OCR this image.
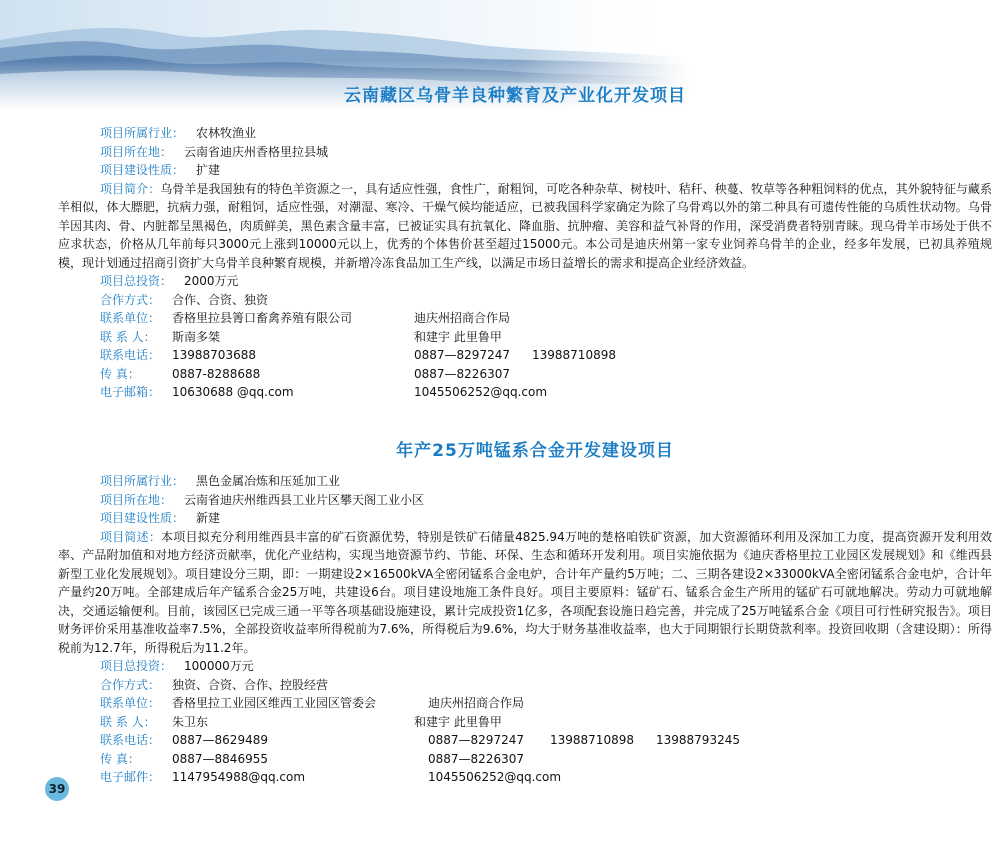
云南藏区乌骨羊良种繁育及产业化开发项目
项目所属行业： 农林牧渔业
项目所在地： 云南省迪庆州香格里拉县城
项目建设性质： 扩建
项目简介：乌骨羊是我国独有的特色羊资源之一，具有适应性强，食性广，耐粗饲，可吃各种杂草、树枝叶、秸秆、秧蔓、牧草等各种粗饲料的优点，其外貌特征与藏系羊相似，体大膘肥，抗病力强，耐粗饲，适应性强，对潮湿、寒冷、干燥气候均能适应，已被我国科学家确定为除了乌骨鸡以外的第二种具有可遗传性能的乌质性状动物。乌骨羊因其肉、骨、内脏都呈黑褐色，肉质鲜美，黑色素含量丰富，已被证实具有抗氧化、降血脂、抗肿瘤、美容和益气补肾的作用，深受消费者特别青睐。现乌骨羊市场处于供不应求状态，价格从几年前每只3000元上涨到10000元以上，优秀的个体售价甚至超过15000元。本公司是迪庆州第一家专业饲养乌骨羊的企业，经多年发展，已初具养殖规模，现计划通过招商引资扩大乌骨羊良种繁育规模，并新增冷冻食品加工生产线，以满足市场日益增长的需求和提高企业经济效益。
项目总投资： 2000万元
合作方式： 合作、合资、独资
联系单位： 香格里拉县箐口畜禽养殖有限公司	迪庆州招商合作局
联 系 人： 斯南多桀	和建宇 此里鲁甲
联系电话： 13988703688	0887—8297247 13988710898
传 真：	0887-8288688	0887—8226307
电子邮箱： 10630688 @qq.com	1045506252@qq.com
年产25万吨锰系合金开发建设项目
项目所属行业： 黑色金属冶炼和压延加工业
项目所在地： 云南省迪庆州维西县工业片区攀天阁工业小区
项目建设性质： 新建
项目简述：本项目拟充分利用维西县丰富的矿石资源优势，特别是铁矿石储量4825.94万吨的楚格咱铁矿资源，加大资源循环利用及深加工力度，提高资源开发利用效率、产品附加值和对地方经济贡献率，优化产业结构，实现当地资源节约、节能、环保、生态和循环开发利用。项目实施依据为《迪庆香格里拉工业园区发展规划》和《维西县新型工业化发展规划》。项目建设分三期，即：一期建设2×16500kVA全密闭锰系合金电炉，合计年产量约5万吨；二、三期各建设2×33000kVA全密闭锰系合金电炉，合计年产量约20万吨。全部建成后年产锰系合金25万吨，共建设6台。项目建设地施工条件良好。项目主要原料：锰矿石、锰系合金生产所用的锰矿石可就地解决。劳动力可就地解决，交通运输便利。目前，该园区已完成三通一平等各项基础设施建设，累计完成投资1亿多，各项配套设施日趋完善，并完成了25万吨锰系合金《项目可行性研究报告》。项目财务评价采用基准收益率7.5%，全部投资收益率所得税前为7.6%，所得税后为9.6%，均大于财务基准收益率，也大于同期银行长期贷款利率。投资回收期（含建设期）：所得税前为12.7年，所得税后为11.2年。
项目总投资： 100000万元
合作方式： 独资、合资、合作、控股经营
联系单位： 香格里拉工业园区维西工业园区管委会	迪庆州招商合作局
联 系 人： 朱卫东	和建宇 此里鲁甲
联系电话： 0887—8629489	0887—8297247 13988710898 13988793245
传 真：	0887—8846955	0887—8226307
电子邮件： 1147954988@qq.com	1045506252@qq.com
39
